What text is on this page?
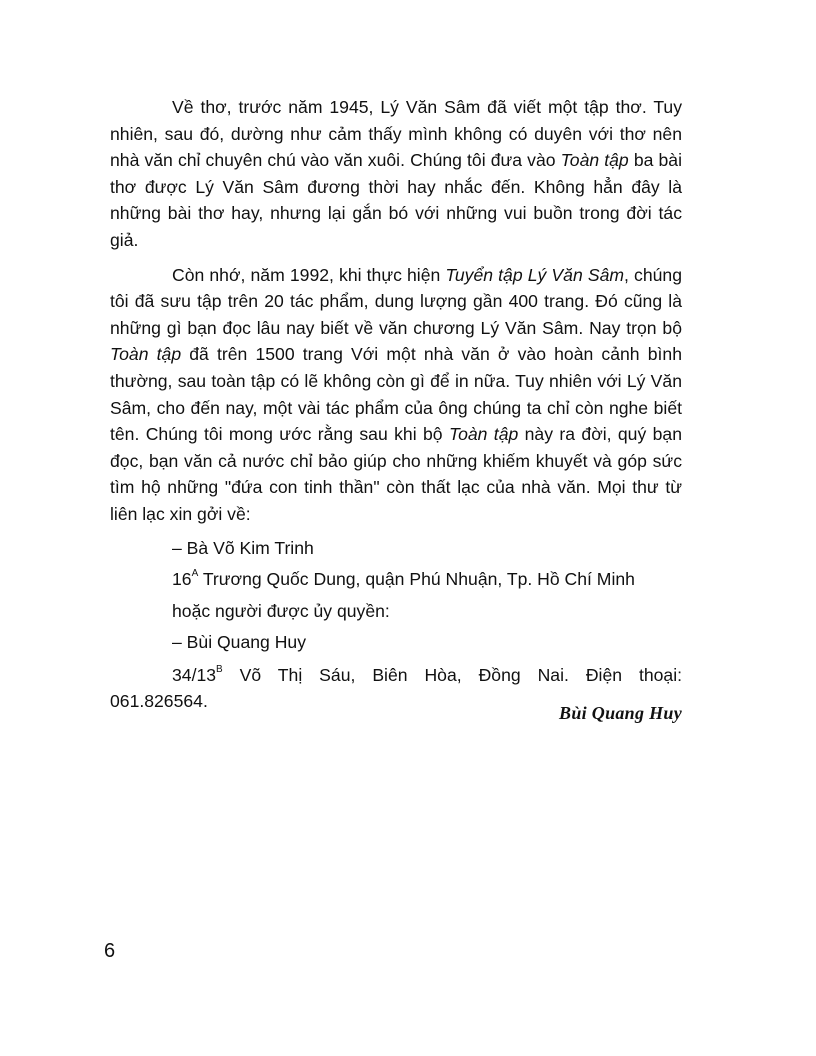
Về thơ, trước năm 1945, Lý Văn Sâm đã viết một tập thơ. Tuy nhiên, sau đó, dường như cảm thấy mình không có duyên với thơ nên nhà văn chỉ chuyên chú vào văn xuôi. Chúng tôi đưa vào Toàn tập ba bài thơ được Lý Văn Sâm đương thời hay nhắc đến. Không hẳn đây là những bài thơ hay, nhưng lại gắn bó với những vui buồn trong đời tác giả.

Còn nhớ, năm 1992, khi thực hiện Tuyển tập Lý Văn Sâm, chúng tôi đã sưu tập trên 20 tác phẩm, dung lượng gần 400 trang. Đó cũng là những gì bạn đọc lâu nay biết về văn chương Lý Văn Sâm. Nay trọn bộ Toàn tập đã trên 1500 trang Với một nhà văn ở vào hoàn cảnh bình thường, sau toàn tập có lẽ không còn gì để in nữa. Tuy nhiên với Lý Văn Sâm, cho đến nay, một vài tác phẩm của ông chúng ta chỉ còn nghe biết tên. Chúng tôi mong ước rằng sau khi bộ Toàn tập này ra đời, quý bạn đọc, bạn văn cả nước chỉ bảo giúp cho những khiếm khuyết và góp sức tìm hộ những "đứa con tinh thần" còn thất lạc của nhà văn. Mọi thư từ liên lạc xin gởi về:

– Bà Võ Kim Trinh

$16^A$ Trương Quốc Dung, quận Phú Nhuận, Tp. Hồ Chí Minh

hoặc người được ủy quyền:

– Bùi Quang Huy

$34/13^B$ Võ Thị Sáu, Biên Hòa, Đồng Nai. Điện thoại: 061.826564.

Bùi Quang Huy
6
